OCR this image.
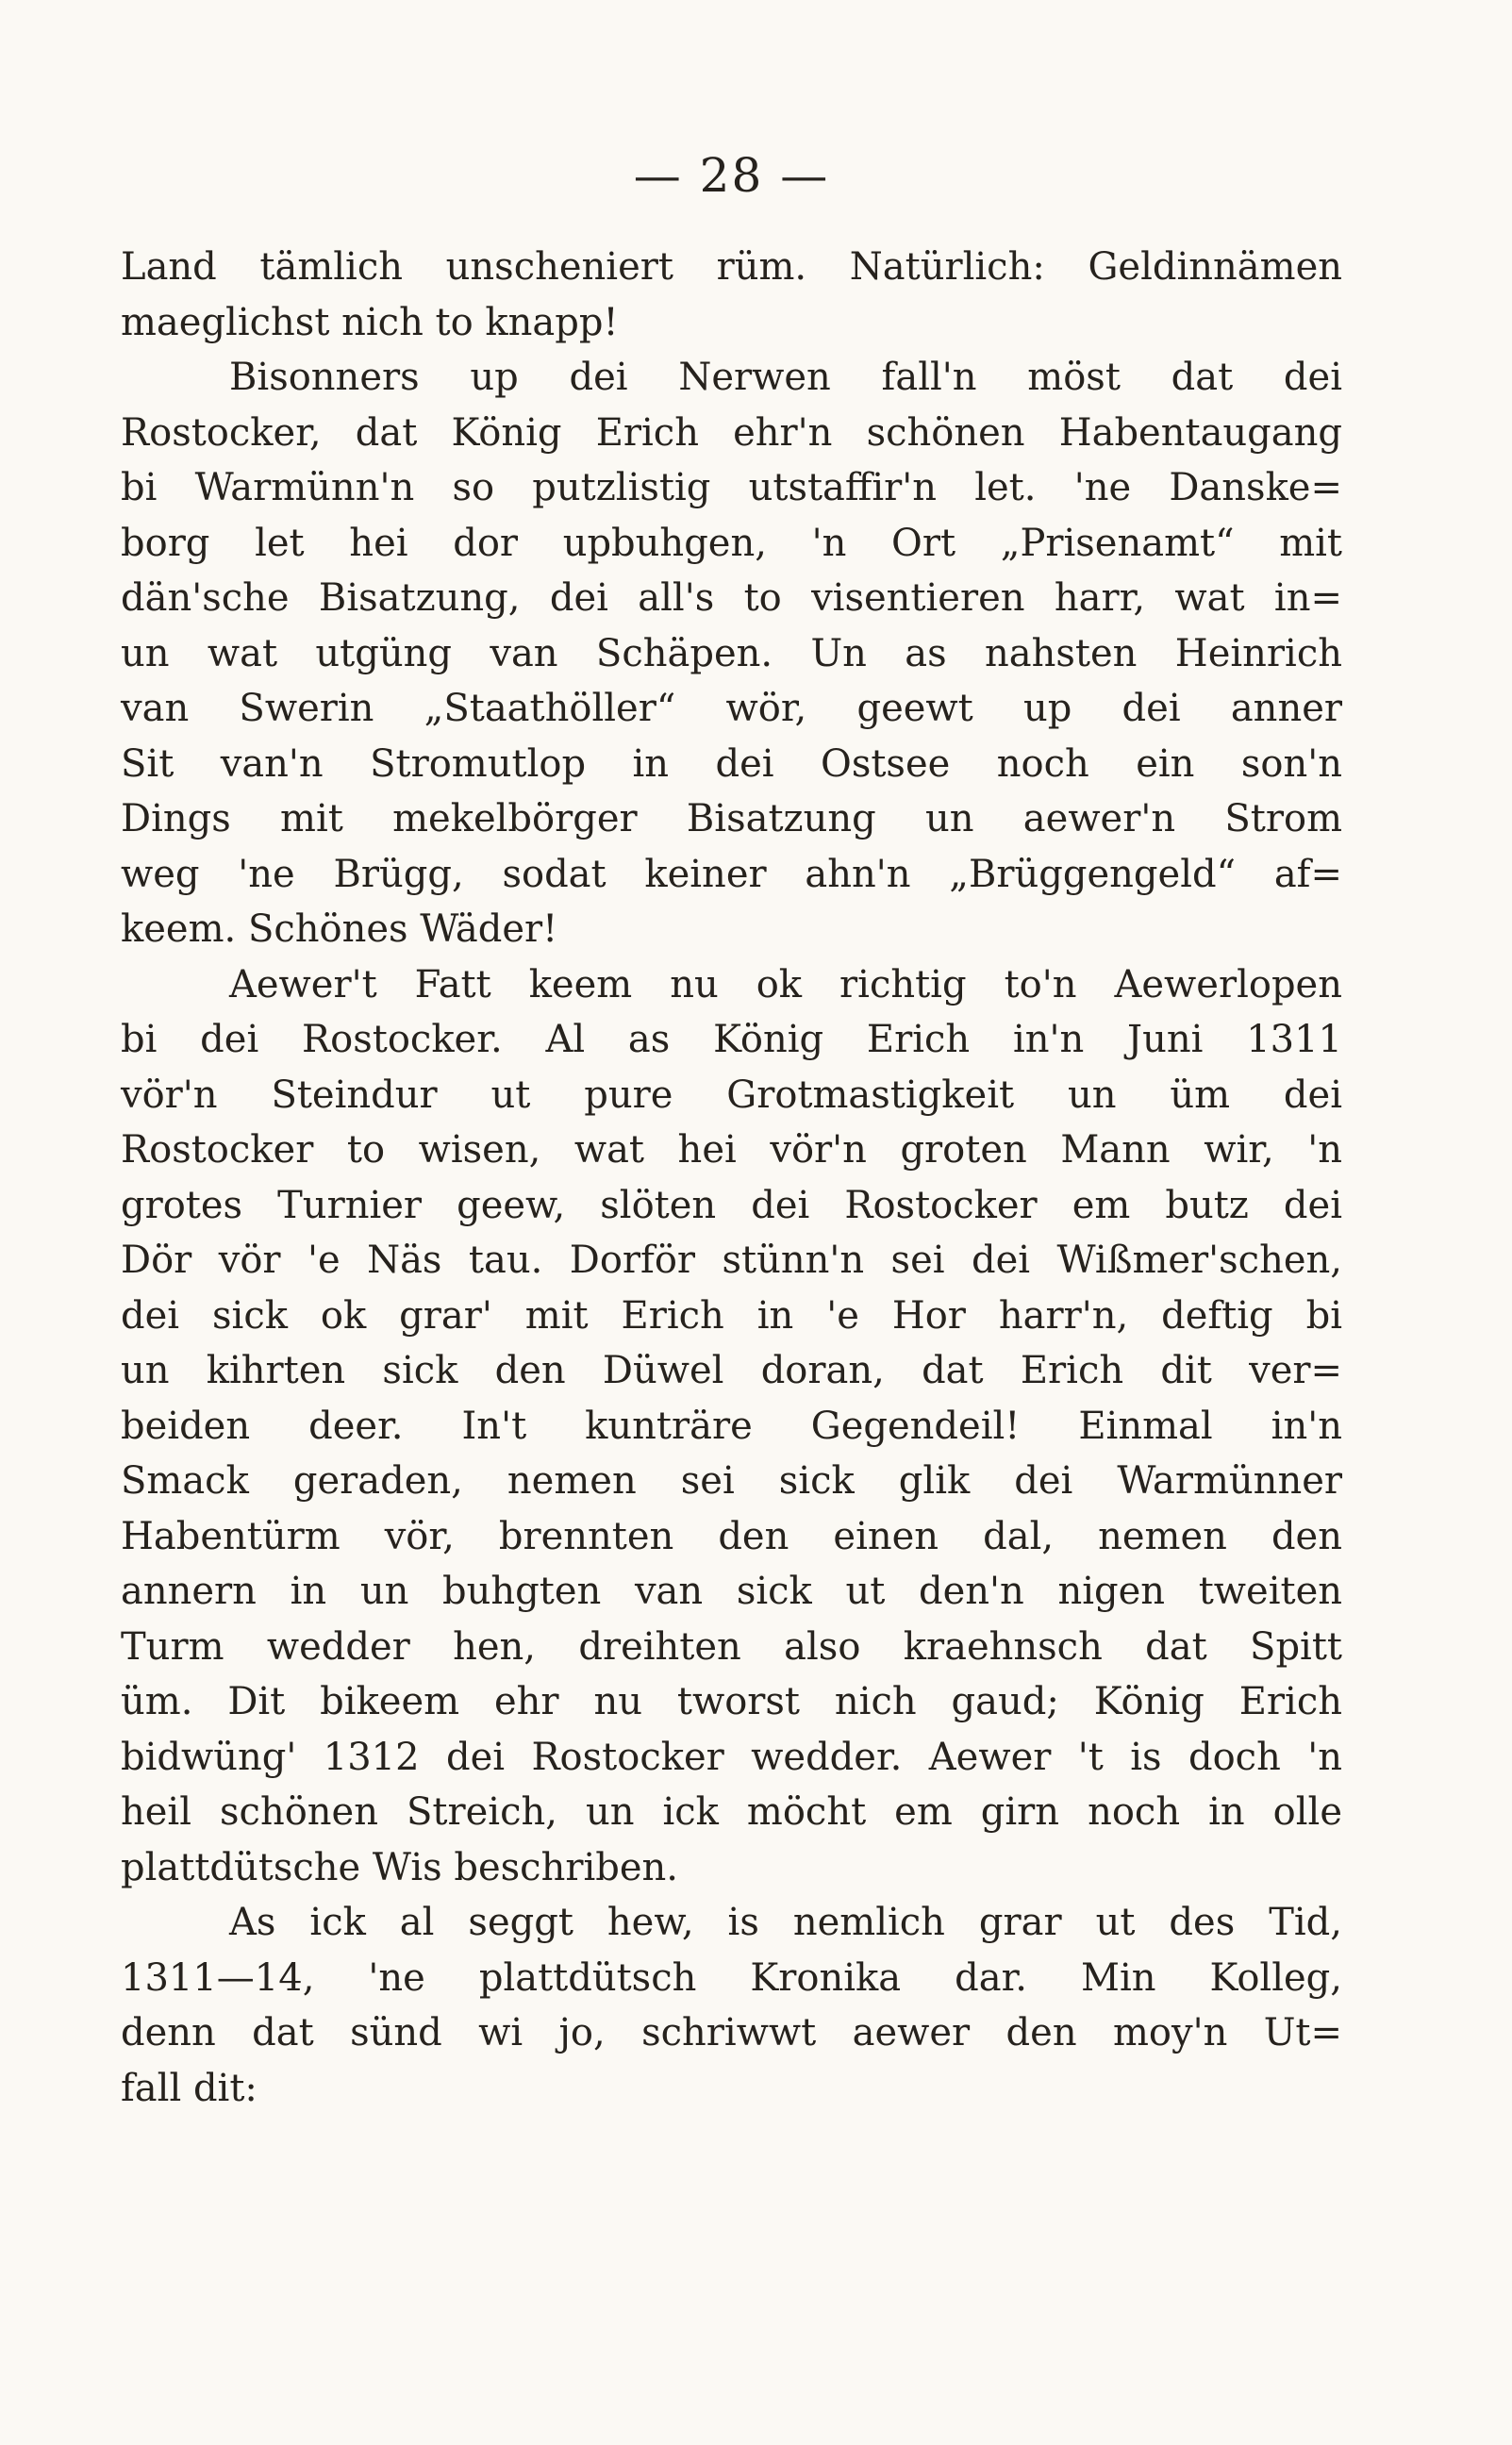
— 28 —
Land tämlich unscheniert rüm. Natürlich: Geldinnämen
maeglichst nich to knapp!
Bisonners up dei Nerwen fall'n möst dat dei
Rostocker, dat König Erich ehr'n schönen Habentaugang
bi Warmünn'n so putzlistig utstaffir'n let. 'ne Danske=
borg let hei dor upbuhgen, 'n Ort „Prisenamt“ mit
dän'sche Bisatzung, dei all's to visentieren harr, wat in=
un wat utgüng van Schäpen. Un as nahsten Heinrich
van Swerin „Staathöller“ wör, geewt up dei anner
Sit van'n Stromutlop in dei Ostsee noch ein son'n
Dings mit mekelbörger Bisatzung un aewer'n Strom
weg 'ne Brügg, sodat keiner ahn'n „Brüggengeld“ af=
keem. Schönes Wäder!
Aewer't Fatt keem nu ok richtig to'n Aewerlopen
bi dei Rostocker. Al as König Erich in'n Juni 1311
vör'n Steindur ut pure Grotmastigkeit un üm dei
Rostocker to wisen, wat hei vör'n groten Mann wir, 'n
grotes Turnier geew, slöten dei Rostocker em butz dei
Dör vör 'e Näs tau. Dorför stünn'n sei dei Wißmer'schen,
dei sick ok grar' mit Erich in 'e Hor harr'n, deftig bi
un kihrten sick den Düwel doran, dat Erich dit ver=
beiden deer. In't kunträre Gegendeil! Einmal in'n
Smack geraden, nemen sei sick glik dei Warmünner
Habentürm vör, brennten den einen dal, nemen den
annern in un buhgten van sick ut den'n nigen tweiten
Turm wedder hen, dreihten also kraehnsch dat Spitt
üm. Dit bikeem ehr nu tworst nich gaud; König Erich
bidwüng' 1312 dei Rostocker wedder. Aewer 't is doch 'n
heil schönen Streich, un ick möcht em girn noch in olle
plattdütsche Wis beschriben.
As ick al seggt hew, is nemlich grar ut des Tid,
1311—14, 'ne plattdütsch Kronika dar. Min Kolleg,
denn dat sünd wi jo, schriwwt aewer den moy'n Ut=
fall dit:
